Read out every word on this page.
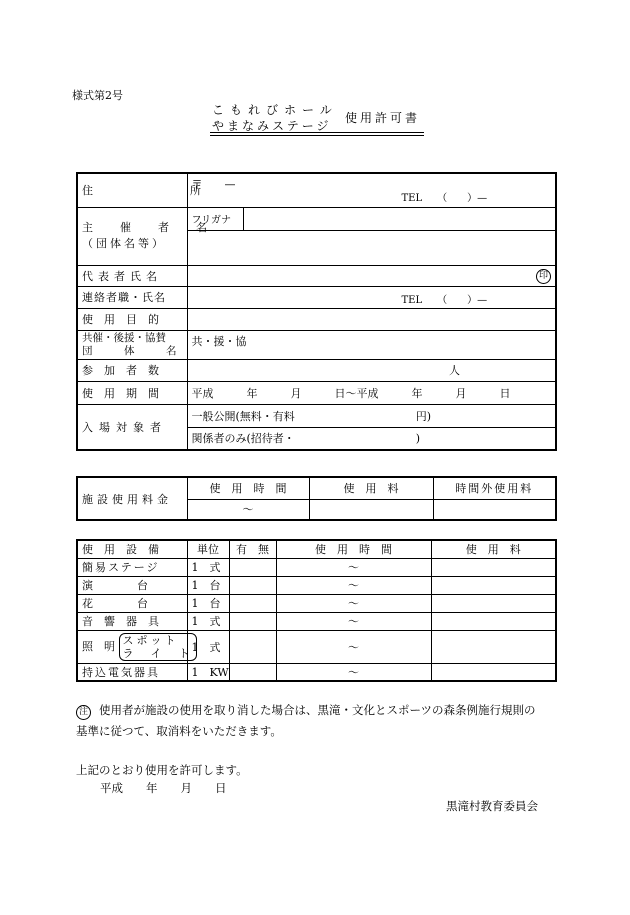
様式第2号
こもれびホール
やまなみステージ
使用許可書
住　　　　　所	〒　　—
TEL　　（　　）—	

主　催　者　名
（団体名等）	フリガナ	

代表者氏名	印	
連絡者職・氏名	TEL　　（　　）—	

使　用　目　的		

共催・後援・協賛
団　　　体　　　名	共・援・協	
参　加　者　数	人	
使　用　期　間	平成　　　年　　　月　　　日～平成　　　年　　　月　　　日	
入場対象者	一般公開(無料・有料　　　　　　　　　　　円)	
	関係者のみ(招待者・　　　　　　　　　　　)	
施設使用料金	使　用　時　間	使　用　料	時間外使用料
	～		
使　用　設　備	単位	有　無	使　用　時　間	使　用　料
簡易ステージ	1　式		～	
演　　　　台	1　台		～	
花　　　　台	1　台		～	
音　響　器　具	1　式		～	
照　明 スポット
ラ　イ　ト	1　式		～	
持込電気器具	1　KW		～	
注 使用者が施設の使用を取り消した場合は、黒滝・文化とスポーツの森条例施行規則の
基準に従つて、取消料をいただきます。
上記のとおり使用を許可します。
平成　　年　　月　　日
黒滝村教育委員会
